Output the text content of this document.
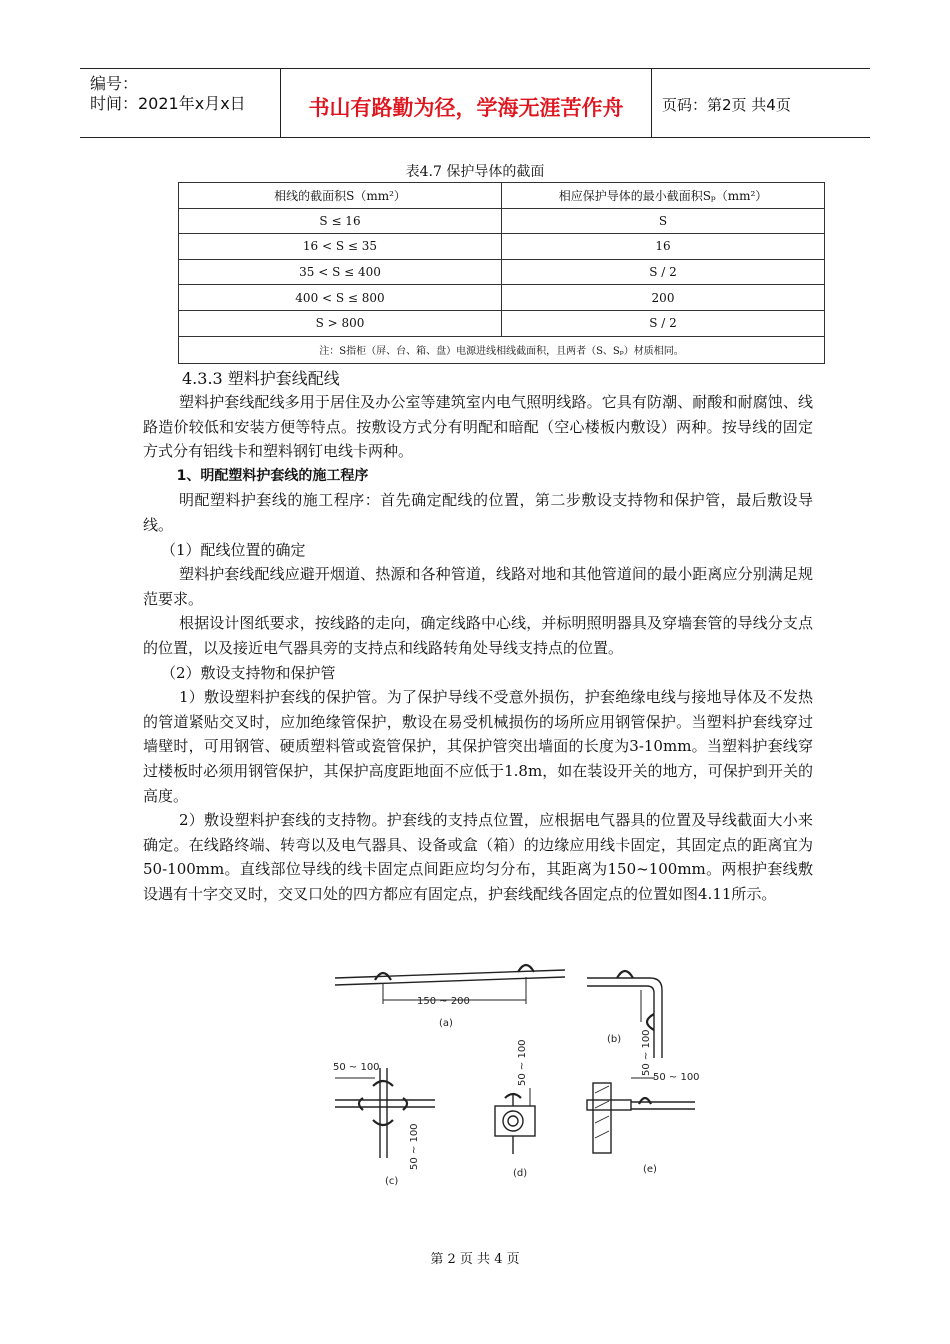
编号：
时间：2021年x月x日	书山有路勤为径，学海无涯苦作舟	页码：第2页 共4页
表4.7 保护导体的截面
相线的截面积S（mm²）	相应保护导体的最小截面积Sₚ（mm²）
S ≤ 16	S
16 < S ≤ 35	16
35 < S ≤ 400	S / 2
400 < S ≤ 800	200
S > 800	S / 2
注：S指柜（屏、台、箱、盘）电源进线相线截面积，且两者（S、Sₚ）材质相同。	
4.3.3 塑料护套线配线

塑料护套线配线多用于居住及办公室等建筑室内电气照明线路。它具有防潮、耐酸和耐腐蚀、线路造价较低和安装方便等特点。按敷设方式分有明配和暗配（空心楼板内敷设）两种。按导线的固定方式分有铝线卡和塑料钢钉电线卡两种。

1、明配塑料护套线的施工程序

明配塑料护套线的施工程序：首先确定配线的位置，第二步敷设支持物和保护管，最后敷设导线。

（1）配线位置的确定

塑料护套线配线应避开烟道、热源和各种管道，线路对地和其他管道间的最小距离应分别满足规范要求。

根据设计图纸要求，按线路的走向，确定线路中心线，并标明照明器具及穿墙套管的导线分支点的位置，以及接近电气器具旁的支持点和线路转角处导线支持点的位置。

（2）敷设支持物和保护管

1）敷设塑料护套线的保护管。为了保护导线不受意外损伤，护套绝缘电线与接地导体及不发热的管道紧贴交叉时，应加绝缘管保护，敷设在易受机械损伤的场所应用钢管保护。当塑料护套线穿过墙壁时，可用钢管、硬质塑料管或瓷管保护，其保护管突出墙面的长度为3-10mm。当塑料护套线穿过楼板时必须用钢管保护，其保护高度距地面不应低于1.8m，如在装设开关的地方，可保护到开关的高度。

2）敷设塑料护套线的支持物。护套线的支持点位置，应根据电气器具的位置及导线截面大小来确定。在线路终端、转弯以及电气器具、设备或盒（箱）的边缘应用线卡固定，其固定点的距离宜为50-100mm。直线部位导线的线卡固定点间距应均匀分布，其距离为150~100mm。两根护套线敷设遇有十字交叉时，交叉口处的四方都应有固定点，护套线配线各固定点的位置如图4.11所示。

150 ~ 200
(a)
(b) 50 ~ 100
50 ~ 100
50 ~ 100
(c)
50 ~ 100
(d)
50 ~ 100
(e)
第 2 页 共 4 页
